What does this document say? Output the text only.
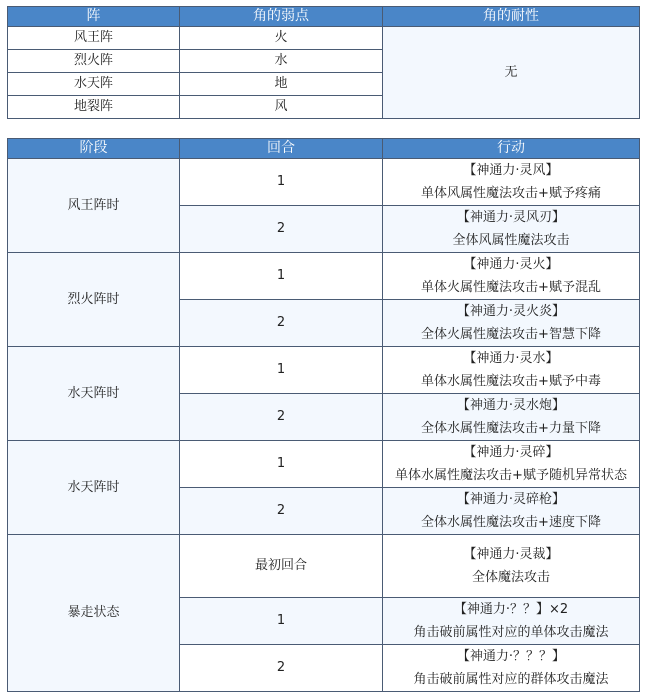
阵	角的弱点	角的耐性
风王阵	火	无
烈火阵	水	
水天阵	地	
地裂阵	风	
阶段	回合	行动
风王阵时	1	【神通力·灵风】
单体风属性魔法攻击+赋予疼痛

	2	【神通力·灵风刃】
全体风属性魔法攻击

烈火阵时	1	【神通力·灵火】
单体火属性魔法攻击+赋予混乱

	2	【神通力·灵火炎】
全体火属性魔法攻击+智慧下降

水天阵时	1	【神通力·灵水】
单体水属性魔法攻击+赋予中毒

	2	【神通力·灵水炮】
全体水属性魔法攻击+力量下降

水天阵时	1	【神通力·灵碎】
单体水属性魔法攻击+赋予随机异常状态

	2	【神通力·灵碎枪】
全体水属性魔法攻击+速度下降

暴走状态	最初回合	【神通力·灵裁】
全体魔法攻击

	1	【神通力·？？】×2
角击破前属性对应的单体攻击魔法

	2	【神通力·？？？】
角击破前属性对应的群体攻击魔法
